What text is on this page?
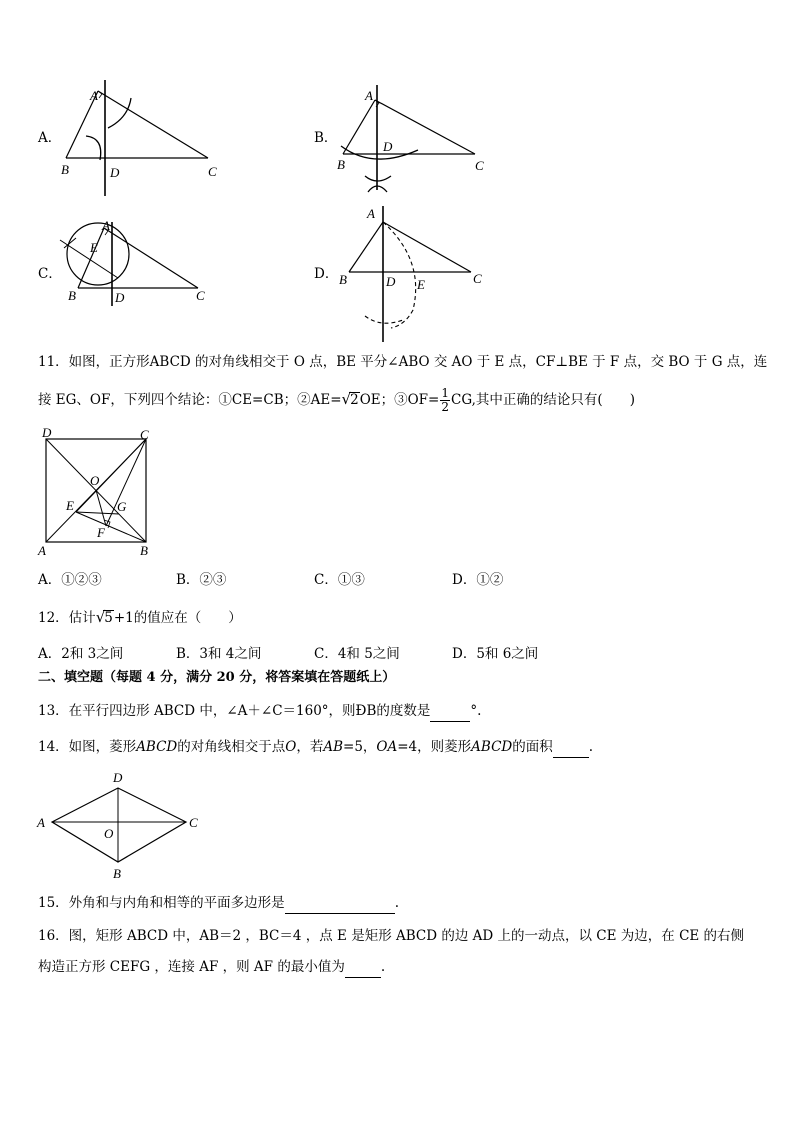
A．
A
B	C
D
B．
A
B	C
D
C．
A
B	C
D
E
D．
A
B	C
D E
11．如图，正方形ABCD 的对角线相交于 O 点，BE 平分∠ABO 交 AO 于 E 点，CF⊥BE 于 F 点，交 BO 于 G 点，连
接 EG、OF，下列四个结论：①CE=CB；②AE=√2OE；③OF= $\frac{1}{2}$ CG,其中正确的结论只有(　　)
D	C
O
E	G
F
A	B
A．①②③	B．②③	C．①③	D．①②
12．估计√5+1的值应在（　　）
A．2和 3之间	B．3和 4之间	C．4和 5之间	D．5和 6之间
二、填空题（每题 4 分，满分 20 分，将答案填在答题纸上）
13．在平行四边形 ABCD 中，∠A＋∠C＝160°，则ÐB的度数是	°.
14．如图，菱形ABCD的对角线相交于点O，若AB=5，OA=4，则菱形ABCD的面积	.
D
A
O
C
B
15．外角和与内角和相等的平面多边形是	.
16．图，矩形 ABCD 中，AB＝2 ，BC＝4 ，点 E 是矩形 ABCD 的边 AD 上的一动点，以 CE 为边，在 CE 的右侧
构造正方形 CEFG ，连接 AF ，则 AF 的最小值为	.
